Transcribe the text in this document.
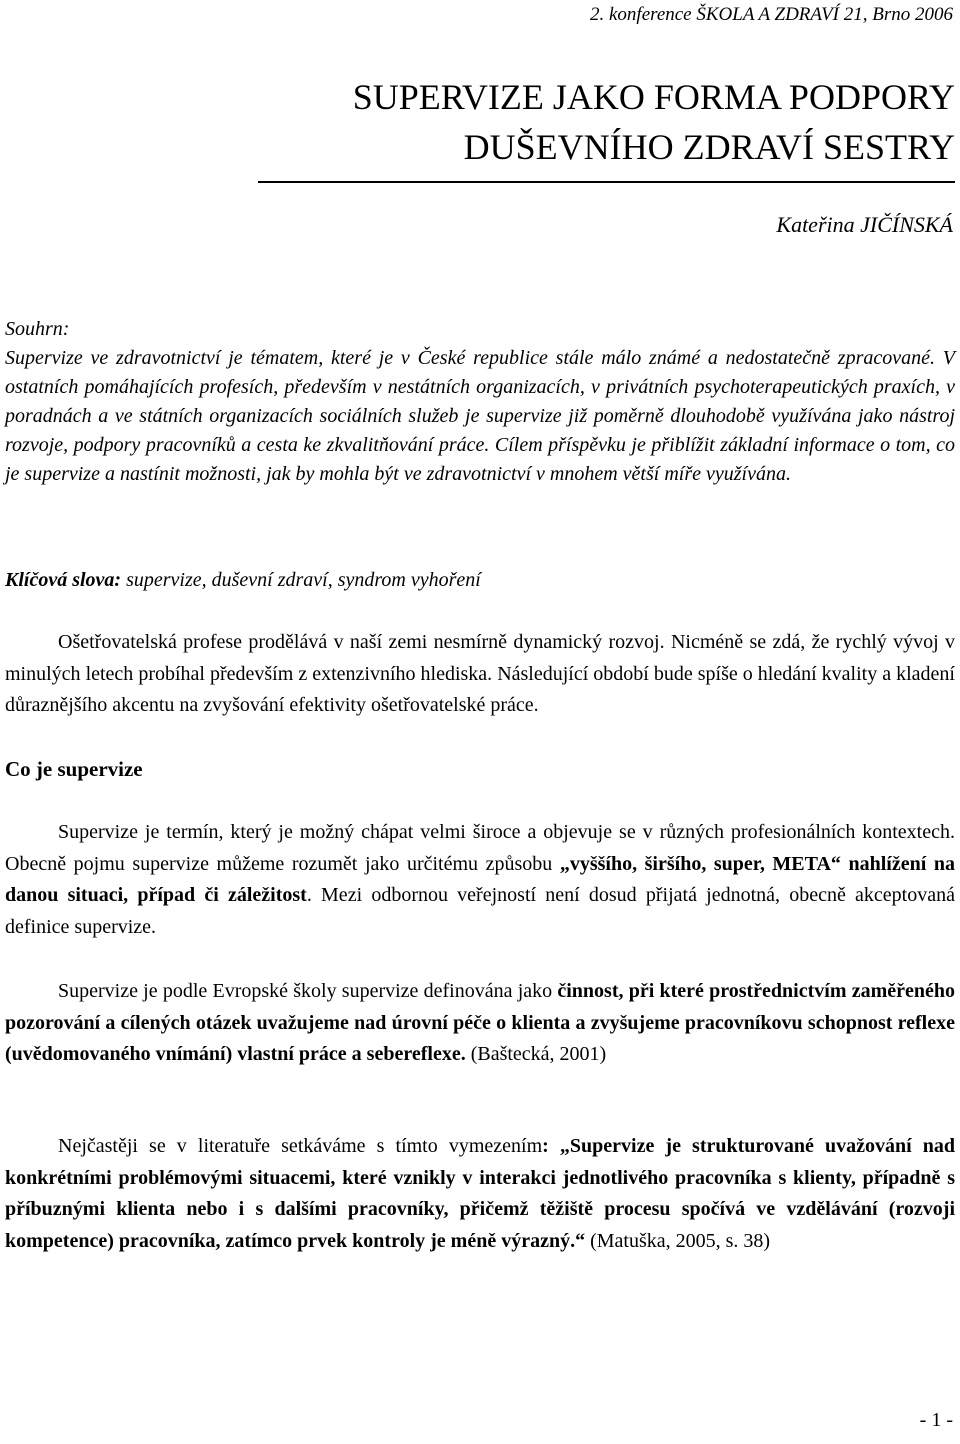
2. konference ŠKOLA A ZDRAVÍ 21, Brno 2006
SUPERVIZE JAKO FORMA PODPORY
DUŠEVNÍHO ZDRAVÍ SESTRY
Kateřina JIČÍNSKÁ
Souhrn:
Supervize ve zdravotnictví je tématem, které je v České republice stále málo známé a nedostatečně zpracované. V ostatních pomáhajících profesích, především v nestátních organizacích, v privátních psychoterapeutických praxích, v poradnách a ve státních organizacích sociálních služeb je supervize již poměrně dlouhodobě využívána jako nástroj rozvoje, podpory pracovníků a cesta ke zkvalitňování práce. Cílem příspěvku je přiblížit základní informace o tom, co je supervize a nastínit možnosti, jak by mohla být ve zdravotnictví v mnohem větší míře využívána.
Klíčová slova: supervize, duševní zdraví, syndrom vyhoření

Ošetřovatelská profese prodělává v naší zemi nesmírně dynamický rozvoj. Nicméně se zdá, že rychlý vývoj v minulých letech probíhal především z extenzivního hlediska. Následující období bude spíše o hledání kvality a kladení důraznějšího akcentu na zvyšování efektivity ošetřovatelské práce.

Co je supervize

Supervize je termín, který je možný chápat velmi široce a objevuje se v různých profesionálních kontextech. Obecně pojmu supervize můžeme rozumět jako určitému způsobu „vyššího, širšího, super, META“ nahlížení na danou situaci, případ či záležitost. Mezi odbornou veřejností není dosud přijatá jednotná, obecně akceptovaná definice supervize.

Supervize je podle Evropské školy supervize definována jako činnost, při které prostřednictvím zaměřeného pozorování a cílených otázek uvažujeme nad úrovní péče o klienta a zvyšujeme pracovníkovu schopnost reflexe (uvědomovaného vnímání) vlastní práce a sebereflexe. (Baštecká, 2001)

Nejčastěji se v literatuře setkáváme s tímto vymezením: „Supervize je strukturované uvažování nad konkrétními problémovými situacemi, které vznikly v interakci jednotlivého pracovníka s klienty, případně s příbuznými klienta nebo i s dalšími pracovníky, přičemž těžiště procesu spočívá ve vzdělávání (rozvoji kompetence) pracovníka, zatímco prvek kontroly je méně výrazný.“ (Matuška, 2005, s. 38)

- 1 -
